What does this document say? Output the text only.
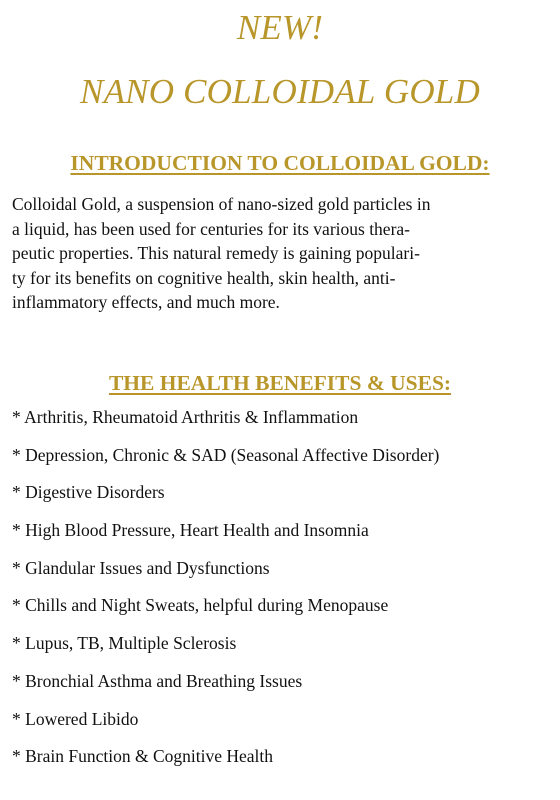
NEW!
NANO COLLOIDAL GOLD
INTRODUCTION TO COLLOIDAL GOLD:

Colloidal Gold, a suspension of nano-sized gold particles in
a liquid, has been used for centuries for its various thera-
peutic properties. This natural remedy is gaining populari-
ty for its benefits on cognitive health, skin health, anti-
inflammatory effects, and much more.

THE HEALTH BENEFITS & USES:
* Arthritis, Rheumatoid Arthritis & Inflammation
* Depression, Chronic & SAD (Seasonal Affective Disorder)
* Digestive Disorders
* High Blood Pressure, Heart Health and Insomnia
* Glandular Issues and Dysfunctions
* Chills and Night Sweats, helpful during Menopause
* Lupus, TB, Multiple Sclerosis
* Bronchial Asthma and Breathing Issues
* Lowered Libido
* Brain Function & Cognitive Health
